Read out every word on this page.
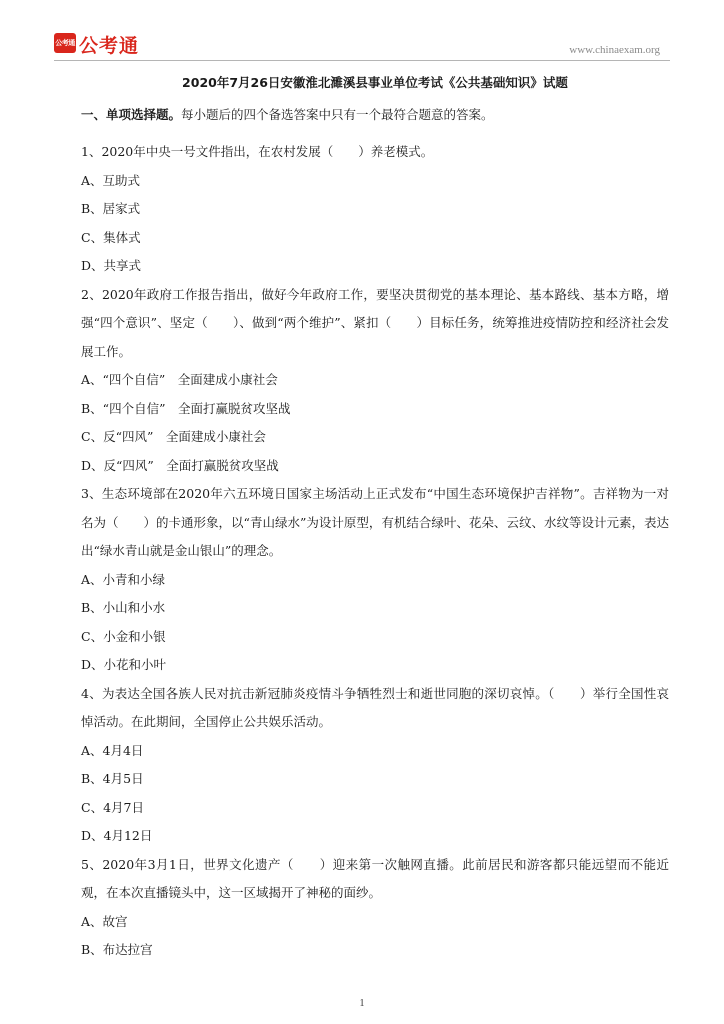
公考通 公考通	www.chinaexam.org
2020年7月26日安徽淮北濉溪县事业单位考试《公共基础知识》试题
一、单项选择题。每小题后的四个备选答案中只有一个最符合题意的答案。

1、2020年中央一号文件指出，在农村发展（　　）养老模式。

A、互助式

B、居家式

C、集体式

D、共享式

2、2020年政府工作报告指出，做好今年政府工作，要坚决贯彻党的基本理论、基本路线、基本方略，增强“四个意识”、坚定（　　）、做到“两个维护”、紧扣（　　）目标任务，统筹推进疫情防控和经济社会发展工作。

A、“四个自信”　全面建成小康社会

B、“四个自信”　全面打赢脱贫攻坚战

C、反“四风”　全面建成小康社会

D、反“四风”　全面打赢脱贫攻坚战

3、生态环境部在2020年六五环境日国家主场活动上正式发布“中国生态环境保护吉祥物”。吉祥物为一对名为（　　）的卡通形象，以“青山绿水”为设计原型，有机结合绿叶、花朵、云纹、水纹等设计元素，表达出“绿水青山就是金山银山”的理念。

A、小青和小绿

B、小山和小水

C、小金和小银

D、小花和小叶

4、为表达全国各族人民对抗击新冠肺炎疫情斗争牺牲烈士和逝世同胞的深切哀悼。（　　）举行全国性哀悼活动。在此期间，全国停止公共娱乐活动。

A、4月4日

B、4月5日

C、4月7日

D、4月12日

5、2020年3月1日，世界文化遗产（　　）迎来第一次触网直播。此前居民和游客都只能远望而不能近观，在本次直播镜头中，这一区域揭开了神秘的面纱。

A、故宫

B、布达拉宫

1
